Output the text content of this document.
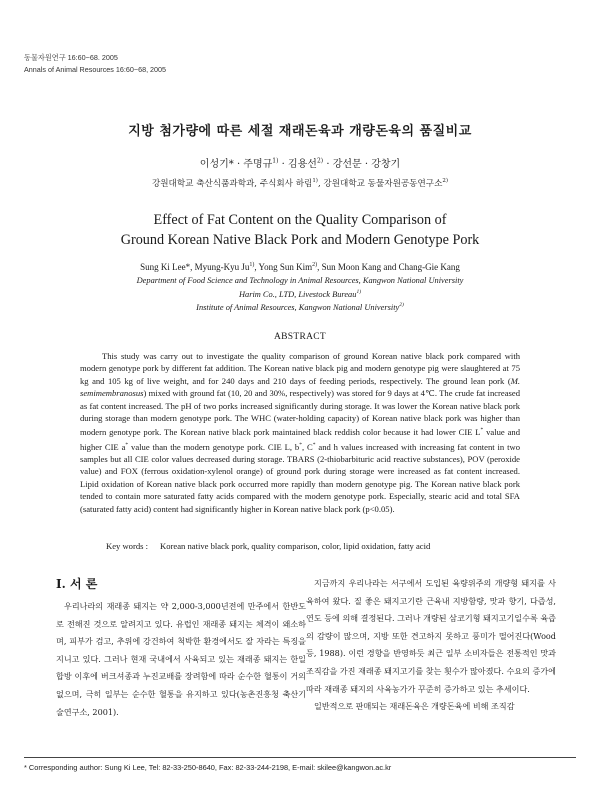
동물자원연구 16:60~68. 2005
Annals of Animal Resources 16:60~68, 2005
지방 첨가량에 따른 세절 재래돈육과 개량돈육의 품질비교
이성기* · 주명규$^{1)}$ · 김용선$^{2)}$ · 강선문 · 강창기
강원대학교 축산식품과학과, 주식회사 하림$^{1)}$, 강원대학교 동물자원공동연구소$^{2)}$
Effect of Fat Content on the Quality Comparison of
Ground Korean Native Black Pork and Modern Genotype Pork
Sung Ki Lee*, Myung-Kyu Ju$^{1)}$, Yong Sun Kim$^{2)}$, Sun Moon Kang and Chang-Gie Kang
Department of Food Science and Technology in Animal Resources, Kangwon National University
Harim Co., LTD, Livestock Bureau$^{1)}$
Institute of Animal Resources, Kangwon National University$^{2)}$
ABSTRACT
This study was carry out to investigate the quality comparison of ground Korean native black pork compared with modern genotype pork by different fat addition. The Korean native black pig and modern genotype pig were slaughtered at 75 kg and 105 kg of live weight, and for 240 days and 210 days of feeding periods, respectively. The ground lean pork (M. semimembranosus) mixed with ground fat (10, 20 and 30%, respectively) was stored for 9 days at 4℃. The crude fat increased as fat content increased. The pH of two porks increased significantly during storage. It was lower the Korean native black pork during storage than modern genotype pork. The WHC (water-holding capacity) of Korean native black pork was higher than modern genotype pork. The Korean native black pork maintained black reddish color because it had lower CIE L* value and higher CIE a* value than the modern genotype pork. CIE L, b*, C* and h values increased with increasing fat content in two samples but all CIE color values decreased during storage. TBARS (2-thiobarbituric acid reactive substances), POV (peroxide value) and FOX (ferrous oxidation-xylenol orange) of ground pork during storage were increased as fat content increased. Lipid oxidation of Korean native black pork occurred more rapidly than modern genotype pig. The Korean native black pork tended to contain more saturated fatty acids compared with the modern genotype pork. Especially, stearic acid and total SFA (saturated fatty acid) content had significantly higher in Korean native black pork (p<0.05).
Key words : Korean native black pork, quality comparison, color, lipid oxidation, fatty acid
Ⅰ. 서 론
우리나라의 재래종 돼지는 약 2,000-3,000년전에 만주에서 한반도로 전해진 것으로 알려지고 있다. 유럽인 재래종 돼지는 체격이 왜소하며, 피부가 검고, 추위에 강건하여 척박한 환경에서도 잘 자라는 특징을 지니고 있다. 그러나 현재 국내에서 사육되고 있는 재래종 돼지는 한일합방 이후에 버크셔종과 누진교배를 장려함에 따라 순수한 혈통이 거의 없으며, 극히 일부는 순수한 혈통을 유지하고 있다(농촌진흥청 축산기술연구소, 2001).
지금까지 우리나라는 서구에서 도입된 육량위주의 개량형 돼지를 사육하여 왔다. 질 좋은 돼지고기란 근육내 지방함량, 맛과 향기, 다즙성, 연도 등에 의해 결정된다. 그러나 개량된 삼코기형 돼지고기일수록 육즙의 감량이 많으며, 지방 또한 견고하지 못하고 풍미가 떨어진다(Wood 등, 1988). 이런 경향을 반영하듯 최근 일부 소비자들은 전통적인 맛과 조직감을 가진 재래종 돼지고기를 찾는 횟수가 많아졌다. 수요의 증가에 따라 재래종 돼지의 사육농가가 꾸준히 증가하고 있는 추세이다.
일반적으로 판매되는 재래돈육은 개량돈육에 비해 조직감
* Corresponding author: Sung Ki Lee, Tel: 82-33-250-8640, Fax: 82-33-244-2198, E-mail: skilee@kangwon.ac.kr
